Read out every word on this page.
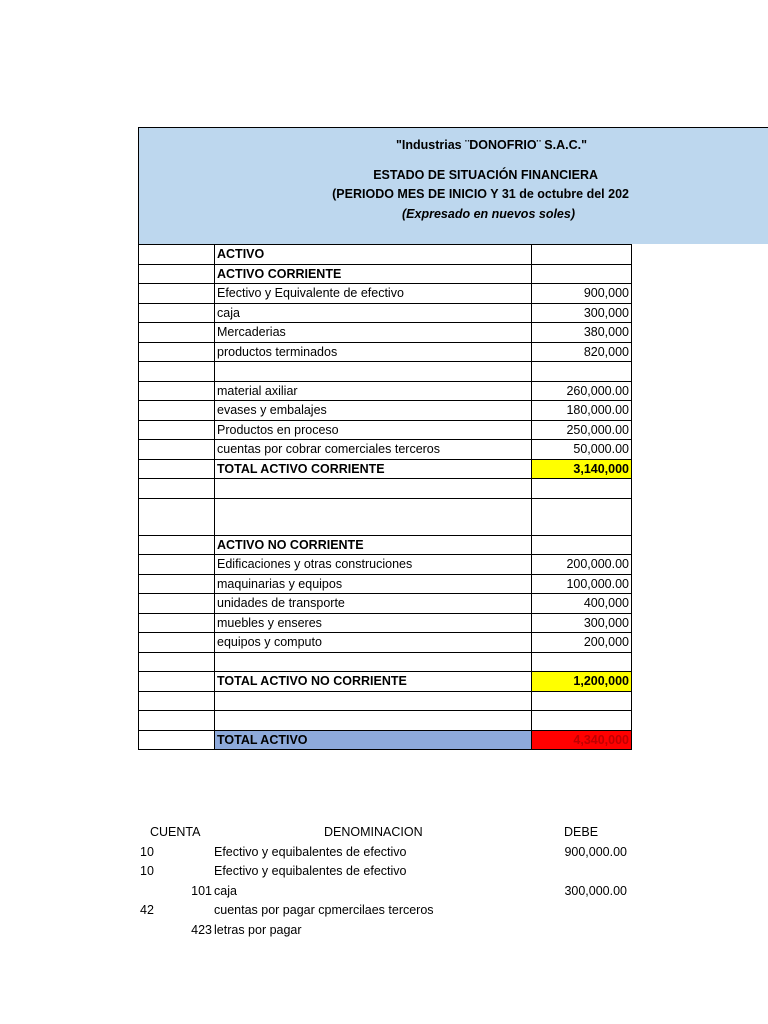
"Industrias ¨DONOFRIO¨ S.A.C."
ESTADO DE SITUACIÓN FINANCIERA
(PERIODO MES DE INICIO Y 31 de octubre del 202
(Expresado en nuevos soles)
	ACTIVO	
	ACTIVO CORRIENTE	
	Efectivo y Equivalente de efectivo	900,000
	caja	300,000
	Mercaderias	380,000
	productos terminados	820,000

	material axiliar	260,000.00
	evases y embalajes	180,000.00
	Productos en proceso	250,000.00
	cuentas por cobrar comerciales terceros	50,000.00
	TOTAL ACTIVO CORRIENTE	3,140,000

	ACTIVO NO CORRIENTE	
	Edificaciones y otras construciones	200,000.00
	maquinarias y equipos	100,000.00
	unidades de transporte	400,000
	muebles y enseres	300,000
	equipos y computo	200,000

	TOTAL ACTIVO NO CORRIENTE	1,200,000

	TOTAL ACTIVO	4,340,000
CUENTA	DENOMINACION	DEBE
10	Efectivo y equibalentes de efectivo	900,000.00
10	Efectivo y equibalentes de efectivo
101 caja	300,000.00
42	cuentas por pagar cpmercilaes terceros
423 letras por pagar
